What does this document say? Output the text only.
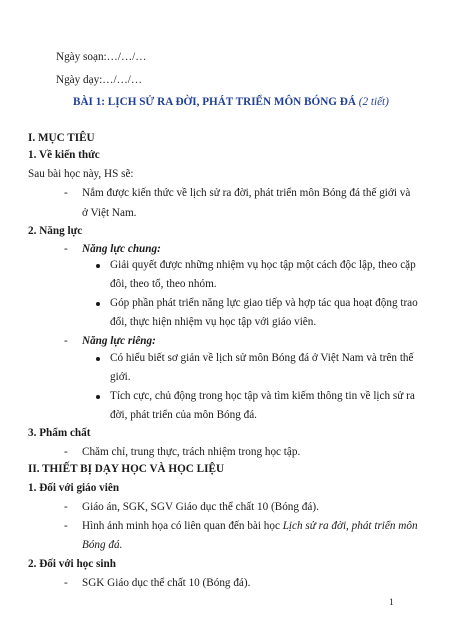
Ngày soạn:…/…/…
Ngày dạy:…/…/…
BÀI 1: LỊCH SỬ RA ĐỜI, PHÁT TRIỂN MÔN BÓNG ĐÁ (2 tiết)
I. MỤC TIÊU
1. Về kiến thức
Sau bài học này, HS sẽ:
- Nắm được kiến thức về lịch sử ra đời, phát triển môn Bóng đá thế giới và
ở Việt Nam.
2. Năng lực
- Năng lực chung:
Giải quyết được những nhiệm vụ học tập một cách độc lập, theo cặp
đôi, theo tổ, theo nhóm.
Góp phần phát triển năng lực giao tiếp và hợp tác qua hoạt động trao
đổi, thực hiện nhiệm vụ học tập với giáo viên.
- Năng lực riêng:
Có hiểu biết sơ giản về lịch sử môn Bóng đá ở Việt Nam và trên thế
giới.
Tích cực, chủ động trong học tập và tìm kiếm thông tin về lịch sử ra
đời, phát triển của môn Bóng đá.
3. Phẩm chất
- Chăm chỉ, trung thực, trách nhiệm trong học tập.
II. THIẾT BỊ DẠY HỌC VÀ HỌC LIỆU
1. Đối với giáo viên
- Giáo án, SGK, SGV Giáo dục thể chất 10 (Bóng đá).
- Hình ảnh minh họa có liên quan đến bài học Lịch sử ra đời, phát triển môn
Bóng đá.
2. Đối với học sinh
- SGK Giáo dục thể chất 10 (Bóng đá).
1
